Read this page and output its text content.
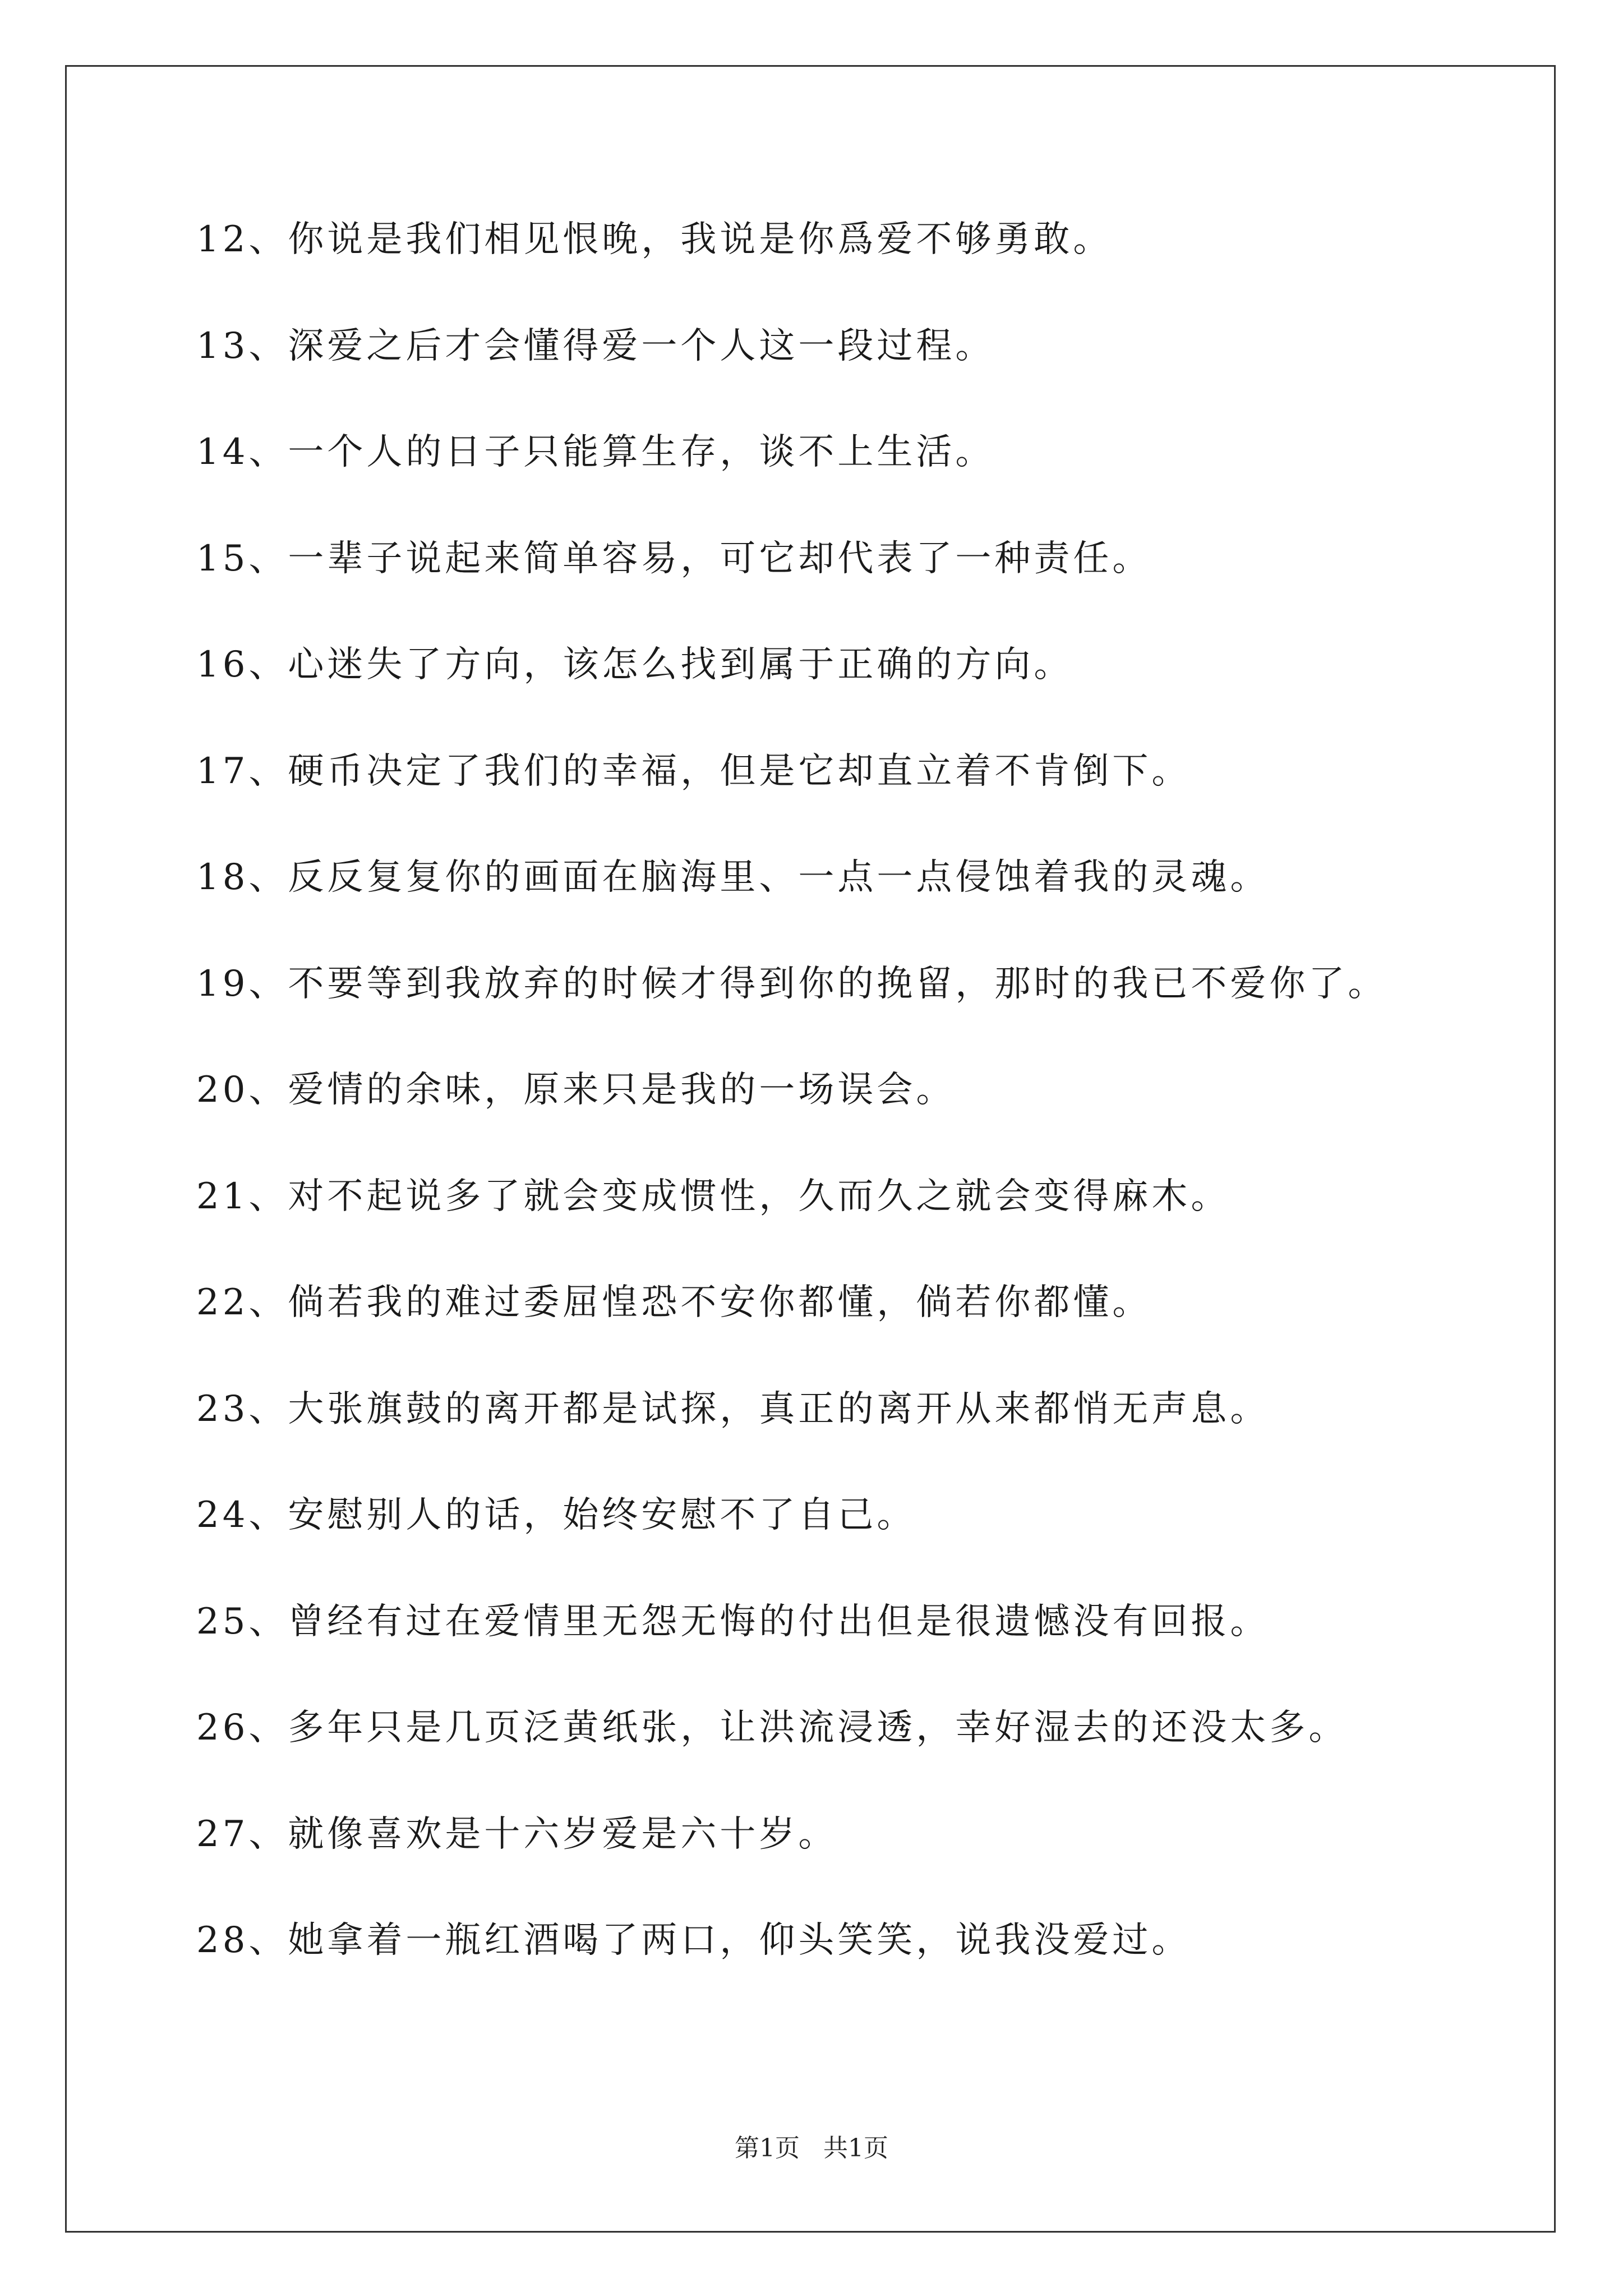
12、你说是我们相见恨晚，我说是你爲爱不够勇敢。
13、深爱之后才会懂得爱一个人这一段过程。
14、一个人的日子只能算生存，谈不上生活。
15、一辈子说起来简单容易，可它却代表了一种责任。
16、心迷失了方向，该怎么找到属于正确的方向。
17、硬币决定了我们的幸福，但是它却直立着不肯倒下。
18、反反复复你的画面在脑海里、一点一点侵蚀着我的灵魂。
19、不要等到我放弃的时候才得到你的挽留，那时的我已不爱你了。
20、爱情的余味，原来只是我的一场误会。
21、对不起说多了就会变成惯性，久而久之就会变得麻木。
22、倘若我的难过委屈惶恐不安你都懂，倘若你都懂。
23、大张旗鼓的离开都是试探，真正的离开从来都悄无声息。
24、安慰别人的话，始终安慰不了自己。
25、曾经有过在爱情里无怨无悔的付出但是很遗憾没有回报。
26、多年只是几页泛黄纸张，让洪流浸透，幸好湿去的还没太多。
27、就像喜欢是十六岁爱是六十岁。
28、她拿着一瓶红酒喝了两口，仰头笑笑，说我没爱过。
第1页   共1页
